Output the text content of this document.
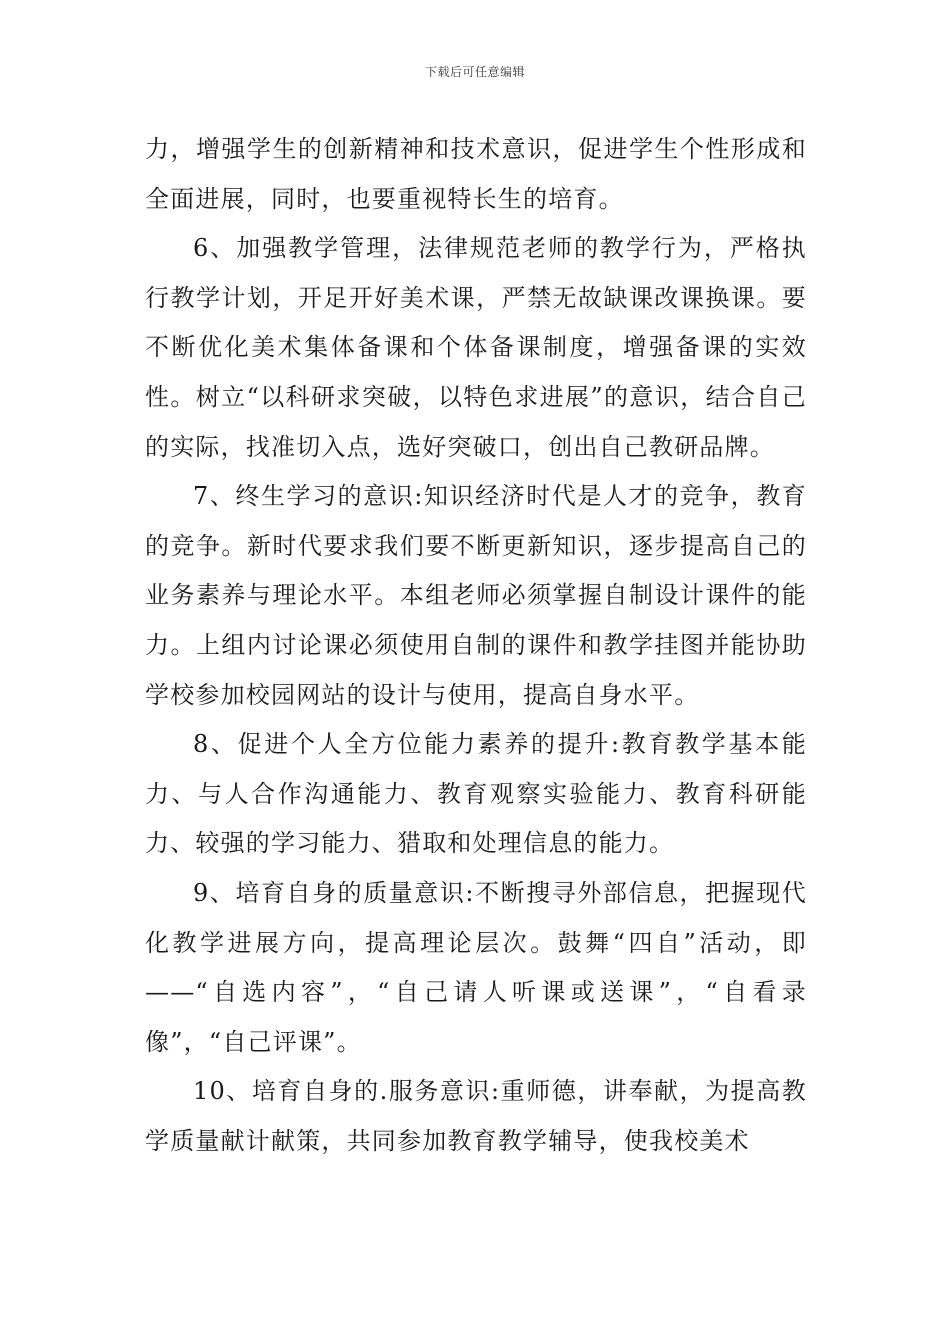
下载后可任意编辑

力，增强学生的创新精神和技术意识，促进学生个性形成和全面进展，同时，也要重视特长生的培育。

6、加强教学管理，法律规范老师的教学行为，严格执行教学计划，开足开好美术课，严禁无故缺课改课换课。要不断优化美术集体备课和个体备课制度，增强备课的实效性。树立“以科研求突破，以特色求进展”的意识，结合自己的实际，找准切入点，选好突破口，创出自己教研品牌。

7、终生学习的意识:知识经济时代是人才的竞争，教育的竞争。新时代要求我们要不断更新知识，逐步提高自己的业务素养与理论水平。本组老师必须掌握自制设计课件的能力。上组内讨论课必须使用自制的课件和教学挂图并能协助学校参加校园网站的设计与使用，提高自身水平。

8、促进个人全方位能力素养的提升:教育教学基本能力、与人合作沟通能力、教育观察实验能力、教育科研能力、较强的学习能力、猎取和处理信息的能力。

9、培育自身的质量意识:不断搜寻外部信息，把握现代化教学进展方向，提高理论层次。鼓舞“四自”活动，即——“自选内容”，“自己请人听课或送课”，“自看录像”，“自己评课”。

10、培育自身的.服务意识:重师德，讲奉献，为提高教学质量献计献策，共同参加教育教学辅导，使我校美术
